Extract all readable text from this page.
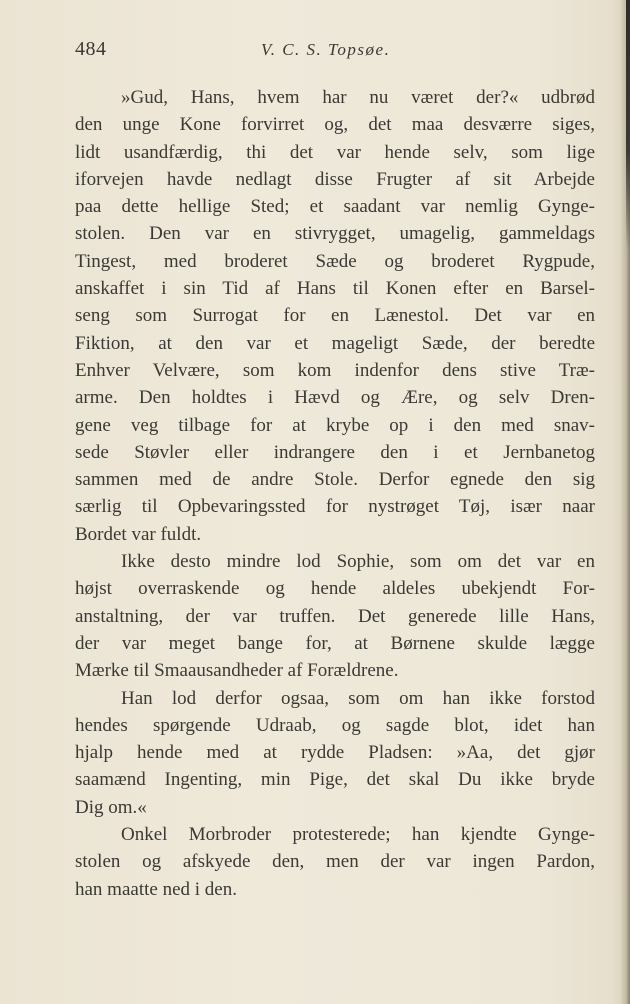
484	V. C. S. Topsøe.
»Gud, Hans, hvem har nu været der?« udbrød
den unge Kone forvirret og, det maa desværre siges,
lidt usandfærdig, thi det var hende selv, som lige
iforvejen havde nedlagt disse Frugter af sit Arbejde
paa dette hellige Sted; et saadant var nemlig Gynge-
stolen. Den var en stivrygget, umagelig, gammeldags
Tingest, med broderet Sæde og broderet Rygpude,
anskaffet i sin Tid af Hans til Konen efter en Barsel-
seng som Surrogat for en Lænestol. Det var en
Fiktion, at den var et mageligt Sæde, der beredte
Enhver Velvære, som kom indenfor dens stive Træ-
arme. Den holdtes i Hævd og Ære, og selv Dren-
gene veg tilbage for at krybe op i den med snav-
sede Støvler eller indrangere den i et Jernbanetog
sammen med de andre Stole. Derfor egnede den sig
særlig til Opbevaringssted for nystrøget Tøj, især naar
Bordet var fuldt.
Ikke desto mindre lod Sophie, som om det var en
højst overraskende og hende aldeles ubekjendt For-
anstaltning, der var truffen. Det generede lille Hans,
der var meget bange for, at Børnene skulde lægge
Mærke til Smaausandheder af Forældrene.
Han lod derfor ogsaa, som om han ikke forstod
hendes spørgende Udraab, og sagde blot, idet han
hjalp hende med at rydde Pladsen: »Aa, det gjør
saamænd Ingenting, min Pige, det skal Du ikke bryde
Dig om.«
Onkel Morbroder protesterede; han kjendte Gynge-
stolen og afskyede den, men der var ingen Pardon,
han maatte ned i den.
